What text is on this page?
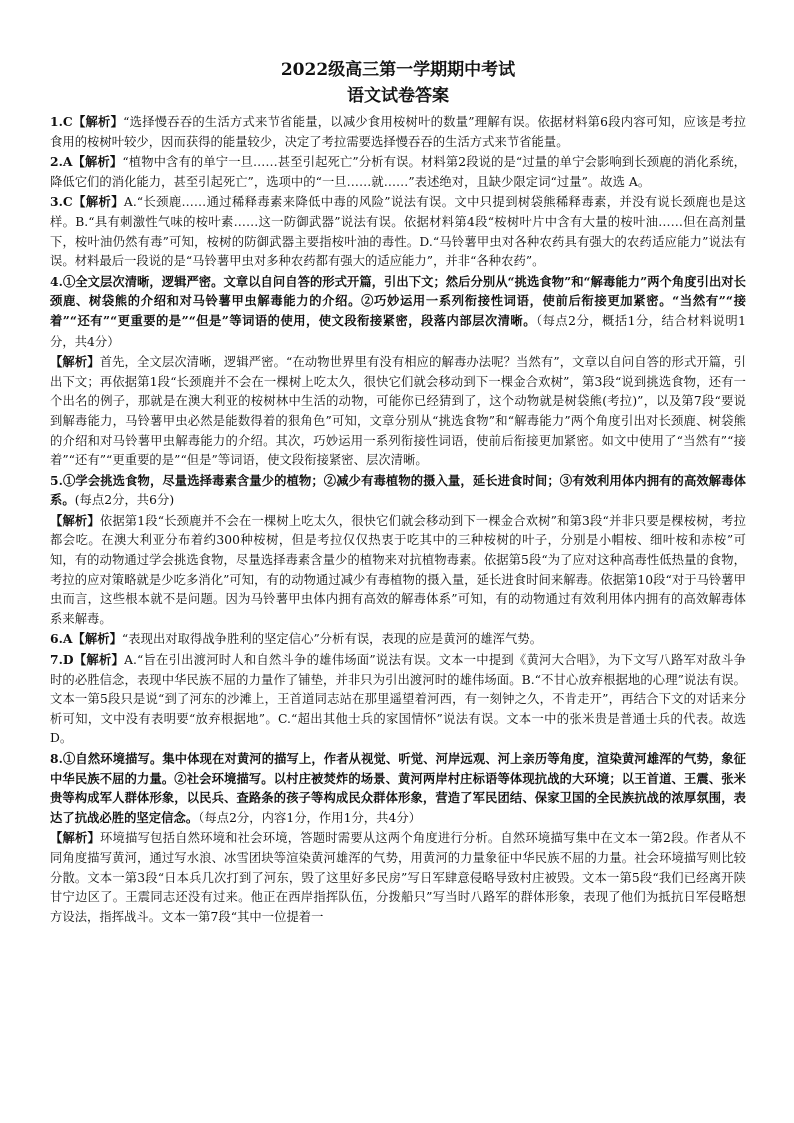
2022级高三第一学期期中考试
语文试卷答案

1.C【解析】“选择慢吞吞的生活方式来节省能量，以减少食用桉树叶的数量”理解有误。依据材料第6段内容可知，应该是考拉食用的桉树叶较少，因而获得的能量较少，决定了考拉需要选择慢吞吞的生活方式来节省能量。

2.A【解析】“植物中含有的单宁一旦……甚至引起死亡”分析有误。材料第2段说的是“过量的单宁会影响到长颈鹿的消化系统，降低它们的消化能力，甚至引起死亡”，选项中的“一旦……就……”表述绝对，且缺少限定词“过量”。故选 A。

3.C【解析】A.“长颈鹿……通过稀释毒素来降低中毒的风险”说法有误。文中只提到树袋熊稀释毒素，并没有说长颈鹿也是这样。B.“具有刺激性气味的桉叶素……这一防御武器”说法有误。依据材料第4段“桉树叶片中含有大量的桉叶油……但在高剂量下，桉叶油仍然有毒”可知，桉树的防御武器主要指桉叶油的毒性。D.“马铃薯甲虫对各种农药具有强大的农药适应能力”说法有误。材料最后一段说的是“马铃薯甲虫对多种农药都有强大的适应能力”，并非“各种农药”。

4.①全文层次清晰，逻辑严密。文章以自问自答的形式开篇，引出下文；然后分别从“挑选食物”和“解毒能力”两个角度引出对长颈鹿、树袋熊的介绍和对马铃薯甲虫解毒能力的介绍。②巧妙运用一系列衔接性词语，使前后衔接更加紧密。“当然有”“接着”“还有”“更重要的是”“但是”等词语的使用，使文段衔接紧密，段落内部层次清晰。（每点2分，概括1分，结合材料说明1分，共4分）

【解析】首先，全文层次清晰，逻辑严密。“在动物世界里有没有相应的解毒办法呢？当然有”，文章以自问自答的形式开篇，引出下文；再依据第1段“长颈鹿并不会在一棵树上吃太久，很快它们就会移动到下一棵金合欢树”，第3段“说到挑选食物，还有一个出名的例子，那就是在澳大利亚的桉树林中生活的动物，可能你已经猜到了，这个动物就是树袋熊(考拉)”，以及第7段“要说到解毒能力，马铃薯甲虫必然是能数得着的狠角色”可知，文章分别从“挑选食物”和“解毒能力”两个角度引出对长颈鹿、树袋熊的介绍和对马铃薯甲虫解毒能力的介绍。其次，巧妙运用一系列衔接性词语，使前后衔接更加紧密。如文中使用了“当然有”“接着”“还有”“更重要的是”“但是”等词语，使文段衔接紧密、层次清晰。

5.①学会挑选食物，尽量选择毒素含量少的植物；②减少有毒植物的摄入量，延长进食时间；③有效利用体内拥有的高效解毒体系。(每点2分，共6分)

【解析】依据第1段“长颈鹿并不会在一棵树上吃太久，很快它们就会移动到下一棵金合欢树”和第3段“并非只要是棵桉树，考拉都会吃。在澳大利亚分布着约300种桉树，但是考拉仅仅热衷于吃其中的三种桉树的叶子，分别是小帽桉、细叶桉和赤桉”可知，有的动物通过学会挑选食物，尽量选择毒素含量少的植物来对抗植物毒素。依据第5段“为了应对这种高毒性低热量的食物，考拉的应对策略就是少吃多消化”可知，有的动物通过减少有毒植物的摄入量，延长进食时间来解毒。依据第10段“对于马铃薯甲虫而言，这些根本就不是问题。因为马铃薯甲虫体内拥有高效的解毒体系”可知，有的动物通过有效利用体内拥有的高效解毒体系来解毒。

6.A【解析】“表现出对取得战争胜利的坚定信心”分析有误，表现的应是黄河的雄浑气势。

7.D【解析】A.“旨在引出渡河时人和自然斗争的雄伟场面”说法有误。文本一中提到《黄河大合唱》，为下文写八路军对敌斗争时的必胜信念，表现中华民族不屈的力量作了铺垫，并非只为引出渡河时的雄伟场面。B.“不甘心放弃根据地的心理”说法有误。文本一第5段只是说“到了河东的沙滩上，王首道同志站在那里遥望着河西，有一刻钟之久，不肯走开”，再结合下文的对话来分析可知，文中没有表明要“放弃根据地”。C.“超出其他士兵的家国情怀”说法有误。文本一中的张米贵是普通士兵的代表。故选 D。

8.①自然环境描写。集中体现在对黄河的描写上，作者从视觉、听觉、河岸远观、河上亲历等角度，渲染黄河雄浑的气势，象征中华民族不屈的力量。②社会环境描写。以村庄被焚炸的场景、黄河两岸村庄标语等体现抗战的大环境；以王首道、王震、张米贵等构成军人群体形象，以民兵、查路条的孩子等构成民众群体形象，营造了军民团结、保家卫国的全民族抗战的浓厚氛围，表达了抗战必胜的坚定信念。（每点2分，内容1分，作用1分，共4分）

【解析】环境描写包括自然环境和社会环境，答题时需要从这两个角度进行分析。自然环境描写集中在文本一第2段。作者从不同角度描写黄河，通过写水浪、冰雪团块等渲染黄河雄浑的气势，用黄河的力量象征中华民族不屈的力量。社会环境描写则比较分散。文本一第3段“日本兵几次打到了河东，毁了这里好多民房”写日军肆意侵略导致村庄被毁。文本一第5段“我们已经离开陕甘宁边区了。王震同志还没有过来。他正在西岸指挥队伍，分拨船只”写当时八路军的群体形象，表现了他们为抵抗日军侵略想方设法，指挥战斗。文本一第7段“其中一位提着一
